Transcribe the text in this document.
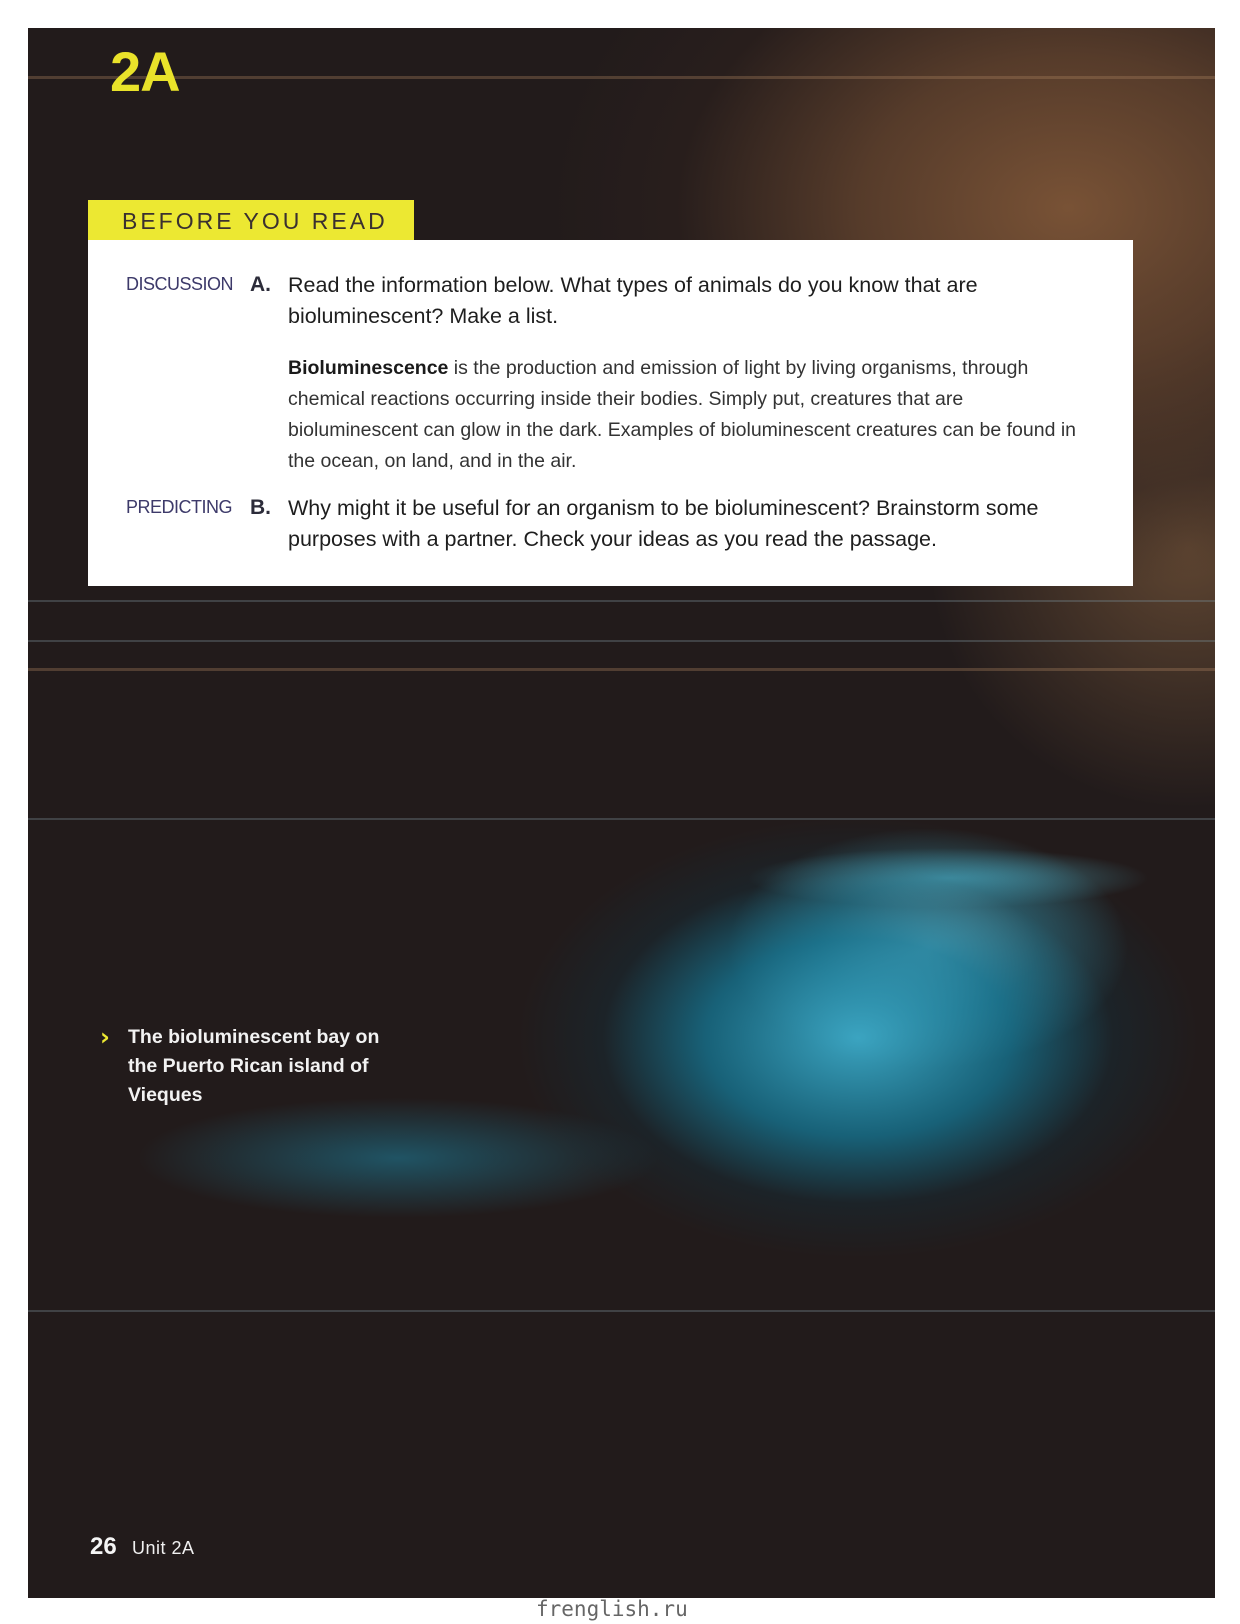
2A
BEFORE YOU READ
DISCUSSION A. Read the information below. What types of animals do you know that are bioluminescent? Make a list.
Bioluminescence is the production and emission of light by living organisms, through chemical reactions occurring inside their bodies. Simply put, creatures that are bioluminescent can glow in the dark. Examples of bioluminescent creatures can be found in the ocean, on land, and in the air.
PREDICTING B. Why might it be useful for an organism to be bioluminescent? Brainstorm some purposes with a partner. Check your ideas as you read the passage.
› The bioluminescent bay on the Puerto Rican island of Vieques
26 Unit 2A
frenglish.ru
